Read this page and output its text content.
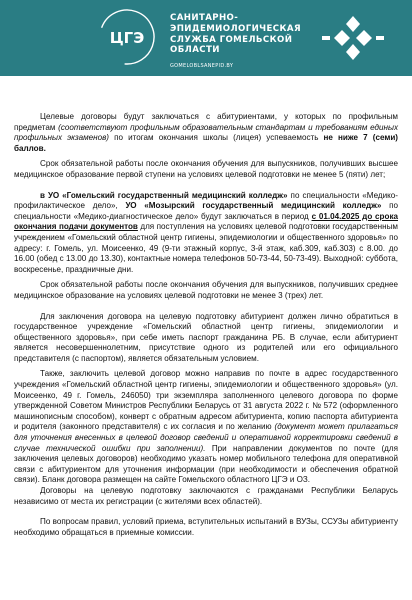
ЦГЭ
САНИТАРНО-
ЭПИДЕМИОЛОГИЧЕСКАЯ
СЛУЖБА ГОМЕЛЬСКОЙ
ОБЛАСТИ
GOMELOBLSANEPID.BY

Целевые договоры будут заключаться с абитуриентами, у которых по профильным предметам (соответствуют профильным образовательным стандартам и требованиям единых профильных экзаменов) по итогам окончания школы (лицея) успеваемость не ниже 7 (семи) баллов.

Срок обязательной работы после окончания обучения для выпускников, получивших высшее медицинское образование первой ступени на условиях целевой подготовки не менее 5 (пяти) лет;

в УО «Гомельский государственный медицинский колледж» по специальности «Медико-профилактическое дело», УО «Мозырский государственный медицинский колледж» по специальности «Медико-диагностическое дело» будут заключаться в период с 01.04.2025 до срока окончания подачи документов для поступления на условиях целевой подготовки государственным учреждением «Гомельский областной центр гигиены, эпидемиологии и общественного здоровья» по адресу: г. Гомель, ул. Моисеенко, 49 (9-ти этажный корпус, 3-й этаж, каб.309, каб.303) с 8.00. до 16.00 (обед с 13.00 до 13.30), контактные номера телефонов 50-73-44, 50-73-49). Выходной: суббота, воскресенье, праздничные дни.

Срок обязательной работы после окончания обучения для выпускников, получивших среднее медицинское образование на условиях целевой подготовки не менее 3 (трех) лет.

Для заключения договора на целевую подготовку абитуриент должен лично обратиться в государственное учреждение «Гомельский областной центр гигиены, эпидемиологии и общественного здоровья», при себе иметь паспорт гражданина РБ. В случае, если абитуриент является несовершеннолетним, присутствие одного из родителей или его официального представителя (с паспортом), является обязательным условием.

Также, заключить целевой договор можно направив по почте в адрес государственного учреждения «Гомельский областной центр гигиены, эпидемиологии и общественного здоровья» (ул. Моисеенко, 49 г. Гомель, 246050) три экземпляра заполненного целевого договора по форме утвержденной Советом Министров Республики Беларусь от 31 августа 2022 г. № 572 (оформленного машинописным способом), конверт с обратным адресом абитуриента, копию паспорта абитуриента и родителя (законного представителя) с их согласия и по желанию (документ может прилагаться для уточнения внесенных в целевой договор сведений и оперативной корректировки сведений в случае технической ошибки при заполнении). При направлении документов по почте (для заключения целевых договоров) необходимо указать номер мобильного телефона для оперативной связи с абитуриентом для уточнения информации (при необходимости и обеспечения обратной связи). Бланк договора размещен на сайте Гомельского областного ЦГЭ и ОЗ.

Договоры на целевую подготовку заключаются с гражданами Республики Беларусь независимо от места их регистрации (с жителями всех областей).

По вопросам правил, условий приема, вступительных испытаний в ВУЗы, ССУЗы абитуриенту необходимо обращаться в приемные комиссии.
